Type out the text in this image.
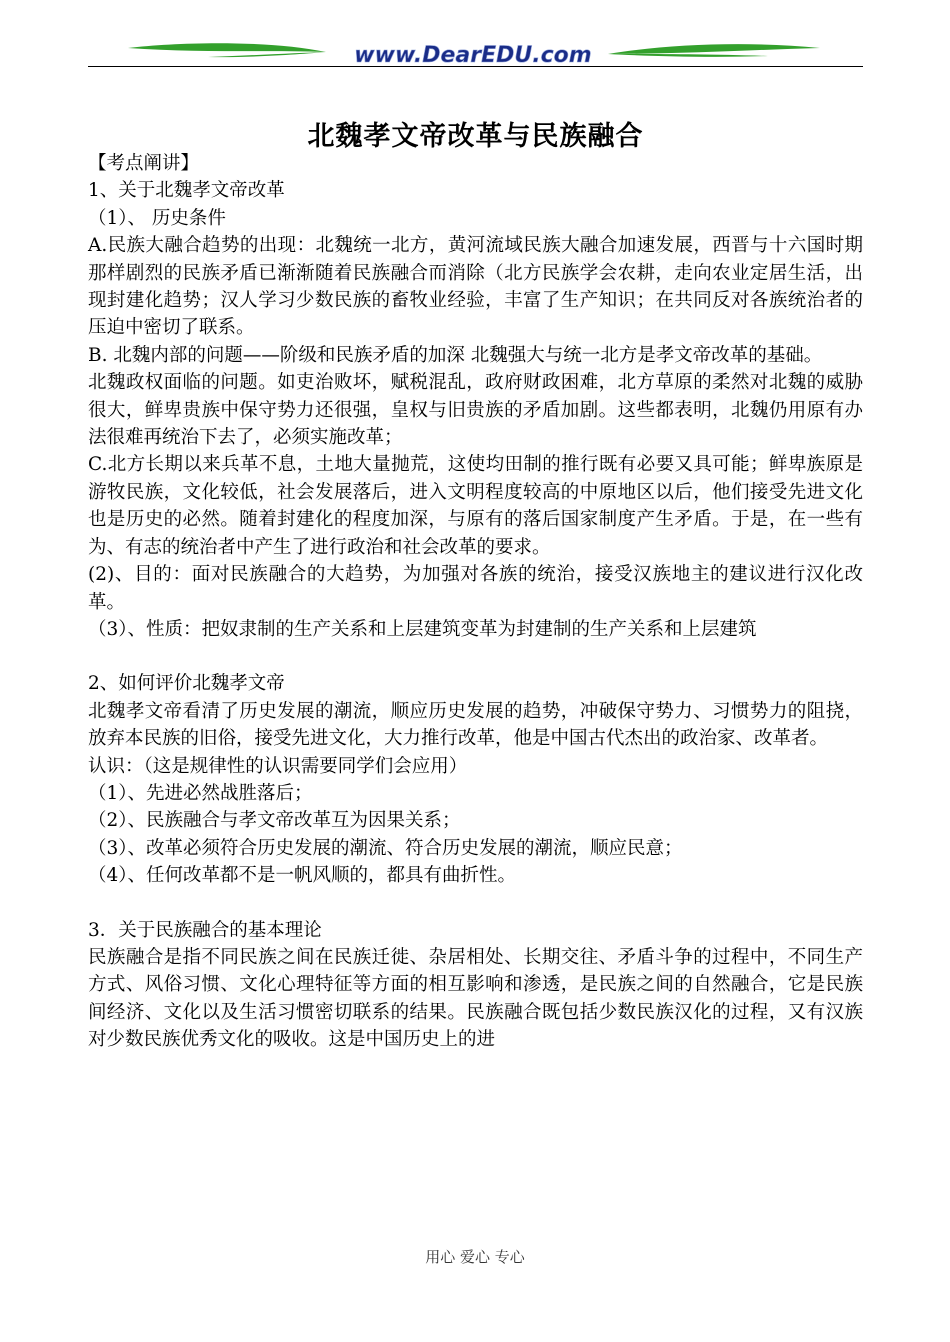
www.DearEDU.com
北魏孝文帝改革与民族融合

【考点阐讲】

1、关于北魏孝文帝改革

（1）、 历史条件

A.民族大融合趋势的出现：北魏统一北方，黄河流域民族大融合加速发展，西晋与十六国时期那样剧烈的民族矛盾已渐渐随着民族融合而消除（北方民族学会农耕，走向农业定居生活，出现封建化趋势；汉人学习少数民族的畜牧业经验，丰富了生产知识；在共同反对各族统治者的压迫中密切了联系。

B. 北魏内部的问题——阶级和民族矛盾的加深 北魏强大与统一北方是孝文帝改革的基础。

北魏政权面临的问题。如吏治败坏，赋税混乱，政府财政困难，北方草原的柔然对北魏的威胁很大，鲜卑贵族中保守势力还很强，皇权与旧贵族的矛盾加剧。这些都表明，北魏仍用原有办法很难再统治下去了，必须实施改革；

C.北方长期以来兵革不息，土地大量抛荒，这使均田制的推行既有必要又具可能；鲜卑族原是游牧民族，文化较低，社会发展落后，进入文明程度较高的中原地区以后，他们接受先进文化也是历史的必然。随着封建化的程度加深，与原有的落后国家制度产生矛盾。于是，在一些有为、有志的统治者中产生了进行政治和社会改革的要求。

(2)、目的：面对民族融合的大趋势，为加强对各族的统治，接受汉族地主的建议进行汉化改革。

（3）、性质：把奴隶制的生产关系和上层建筑变革为封建制的生产关系和上层建筑

2、如何评价北魏孝文帝

北魏孝文帝看清了历史发展的潮流，顺应历史发展的趋势，冲破保守势力、习惯势力的阻挠，放弃本民族的旧俗，接受先进文化，大力推行改革，他是中国古代杰出的政治家、改革者。

认识：（这是规律性的认识需要同学们会应用）

（1）、先进必然战胜落后；

（2）、民族融合与孝文帝改革互为因果关系；

（3）、改革必须符合历史发展的潮流、符合历史发展的潮流，顺应民意；

（4）、任何改革都不是一帆风顺的，都具有曲折性。

3．关于民族融合的基本理论

民族融合是指不同民族之间在民族迁徙、杂居相处、长期交往、矛盾斗争的过程中，不同生产方式、风俗习惯、文化心理特征等方面的相互影响和渗透，是民族之间的自然融合，它是民族间经济、文化以及生活习惯密切联系的结果。民族融合既包括少数民族汉化的过程，又有汉族对少数民族优秀文化的吸收。这是中国历史上的进

用心 爱心 专心
